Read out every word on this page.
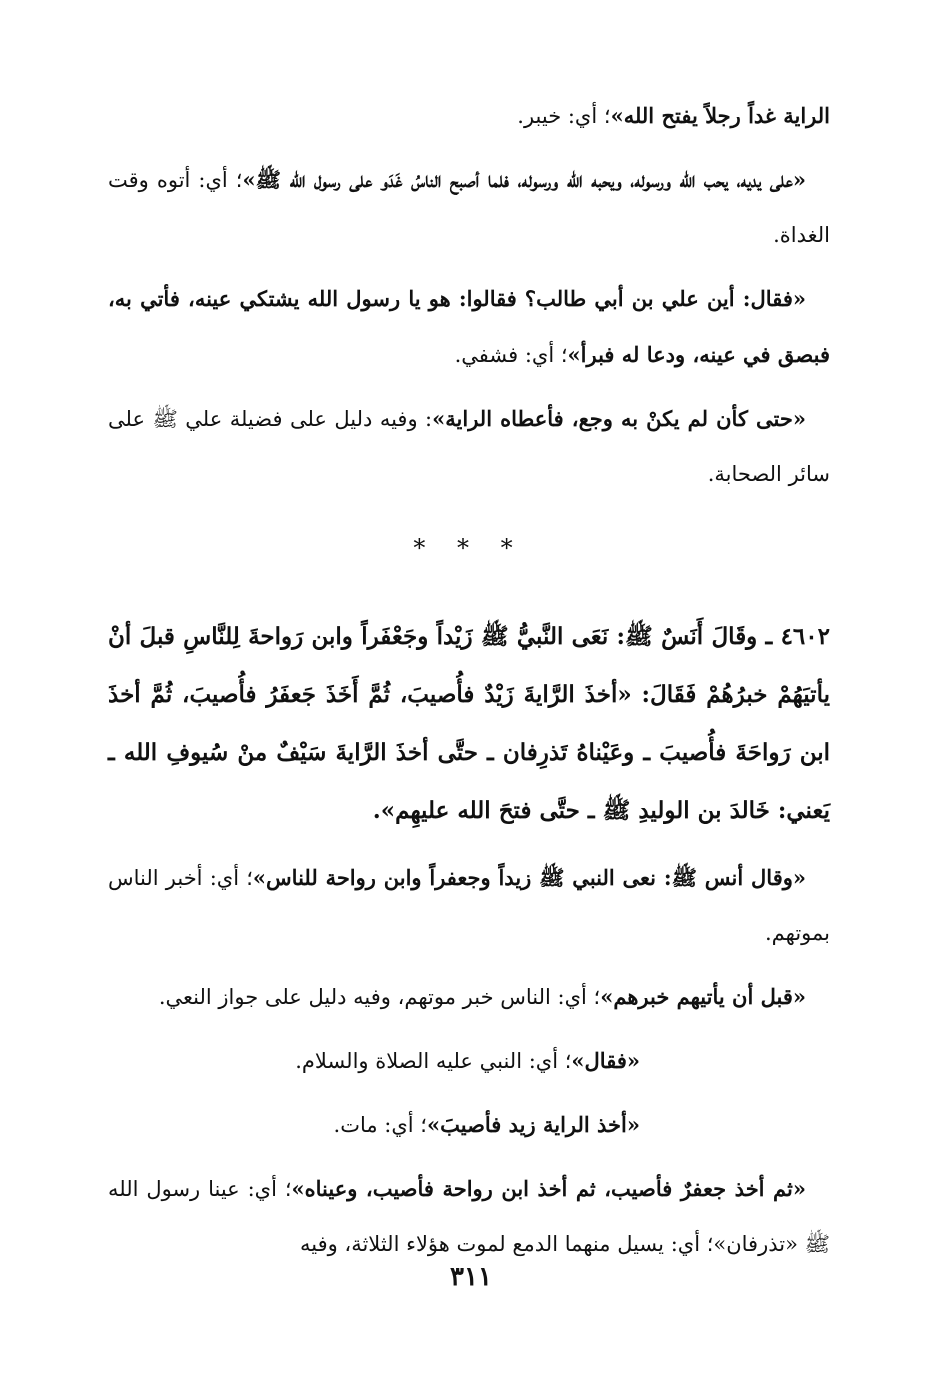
الراية غداً رجلاً يفتح الله»؛ أي: خيبر.

«على يديه، يحب الله ورسوله، ويحبه الله ورسوله، فلما أصبح الناسُ غَدَو على رسول الله ﷺ»؛ أي: أتوه وقت الغداة.

«فقال: أين علي بن أبي طالب؟ فقالوا: هو يا رسول الله يشتكي عينه، فأتي به، فبصق في عينه، ودعا له فبرأ»؛ أي: فشفي.

«حتى كأن لم يكنْ به وجع، فأعطاه الراية»: وفيه دليل على فضيلة علي ﷺ على سائر الصحابة.

* * *

٤٦٠٢ ـ وقَالَ أَنَسٌ ﷺ: نَعَى النَّبيُّ ﷺ زَيْداً وجَعْفَراً وابن رَواحةَ لِلنَّاسِ قبلَ أنْ يأتيَهُمْ خبرُهُمْ فَقَالَ: «أخذَ الرَّايةَ زَيْدٌ فأُصيبَ، ثُمَّ أَخَذَ جَعفَرُ فأُصيبَ، ثُمَّ أخذَ ابن رَواحَةَ فأُصيبَ ـ وعَيْناهُ تَذرِفان ـ حتَّى أخذَ الرَّايةَ سَيْفٌ منْ سُيوفِ الله ـ يَعني: خَالدَ بن الوليدِ ﷺ ـ حتَّى فتحَ الله عليهِم».

«وقال أنس ﷺ: نعى النبي ﷺ زيداً وجعفراً وابن رواحة للناس»؛ أي: أخبر الناس بموتهم.

«قبل أن يأتيهم خبرهم»؛ أي: الناس خبر موتهم، وفيه دليل على جواز النعي.

«فقال»؛ أي: النبي عليه الصلاة والسلام.

«أخذ الراية زيد فأصيبَ»؛ أي: مات.

«ثم أخذ جعفرٌ فأصيب، ثم أخذ ابن رواحة فأصيب، وعيناه»؛ أي: عينا رسول الله ﷺ «تذرفان»؛ أي: يسيل منهما الدمع لموت هؤلاء الثلاثة، وفيه

٣١١
